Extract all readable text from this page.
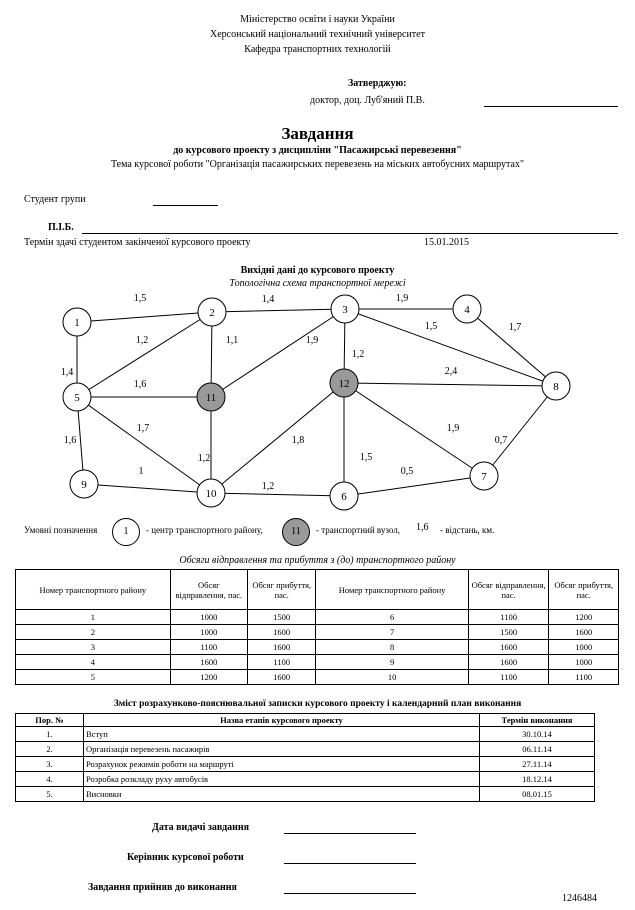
Міністерство освіти і науки України
Херсонський національний технічний університет
Кафедра транспортних технологій
Затверджую:
доктор, доц. Луб'яний П.В.
Завдання
до курсового проекту з дисципліни "Пасажирські перевезення"
Тема курсової роботи "Організація пасажирських перевезень на міських автобусних маршрутах"
Студент групи
П.І.Б.
Термін здачі студентом закінченої курсового проекту	15.01.2015
Вихідні дані до курсового проекту
Топологічна схема транспортної мережі
1,5	1,4	1,9
1,7
1,4
1,2	1,1	1,9
1,2
1,5
1,6
2,4
1,7
1,6
1,2
1,8
1,5
1,9
0,7
1
1,2
0,5
1
2	3	4
5
6
7
8
9
10
11
12
Умовні позначення	1	- центр транспортного району,	11	- транспортний вузол, 1,6 - відстань, км.
Обсяги відправлення та прибуття з (до) транспортного району
Номер транспортного району	Обсяг відправлення, пас.	Обсяг прибуття, пас.	Номер транспортного району	Обсяг відправлення, пас.	Обсяг прибуття, пас.
1	1000	1500	6	1100	1200
2	1000	1600	7	1500	1600
3	1100	1600	8	1600	1000
4	1600	1100	9	1600	1000
5	1200	1600	10	1100	1100
Зміст розрахунково-пояснювальної записки курсового проекту і календарний план виконання
Пор. №	Назва етапів курсового проекту	Термін виконання
1.	Вступ	30.10.14
2.	Організація перевезень пасажирів	06.11.14
3.	Розрахунок режимів роботи на маршруті	27.11.14
4.	Розробка розкладу руху автобусів	18.12.14
5.	Висновки	08.01.15
Дата видачі завдання
Керівник курсової роботи
Завдання прийняв до виконання
1246484
